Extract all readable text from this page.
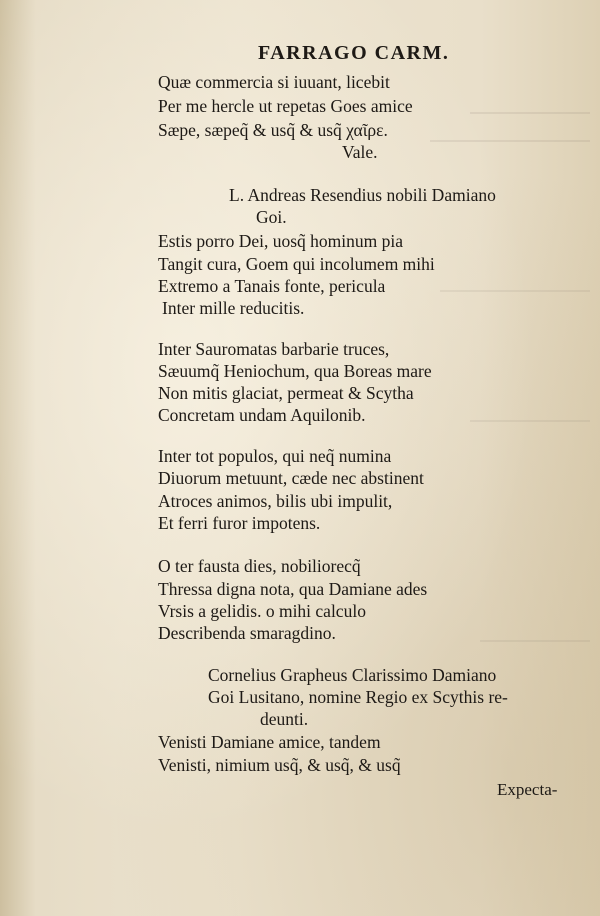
FARRAGO CARM.
Quæ commercia si iuuant, licebit
Per me hercle ut repetas Goes amice
Sæpe, sæpeq̃ & usq̃ & usq̃ χαῖρε.
Vale.
L. Andreas Resendius nobili Damiano
Goi.
Estis porro Dei, uosq̃ hominum pia
Tangit cura, Goem qui incolumem mihi
Extremo a Tanais fonte, pericula
Inter mille reducitis.
Inter Sauromatas barbarie truces,
Sæuumq̃ Heniochum, qua Boreas mare
Non mitis glaciat, permeat & Scytha
Concretam undam Aquilonib.
Inter tot populos, qui neq̃ numina
Diuorum metuunt, cæde nec abstinent
Atroces animos, bilis ubi impulit,
Et ferri furor impotens.
O ter fausta dies, nobiliorecq̃
Thressa digna nota, qua Damiane ades
Vrsis a gelidis. o mihi calculo
Describenda smaragdino.
Cornelius Grapheus Clarissimo Damiano
Goi Lusitano, nomine Regio ex Scythis re-
deunti.
Venisti Damiane amice, tandem
Venisti, nimium usq̃, & usq̃, & usq̃
Expecta-
